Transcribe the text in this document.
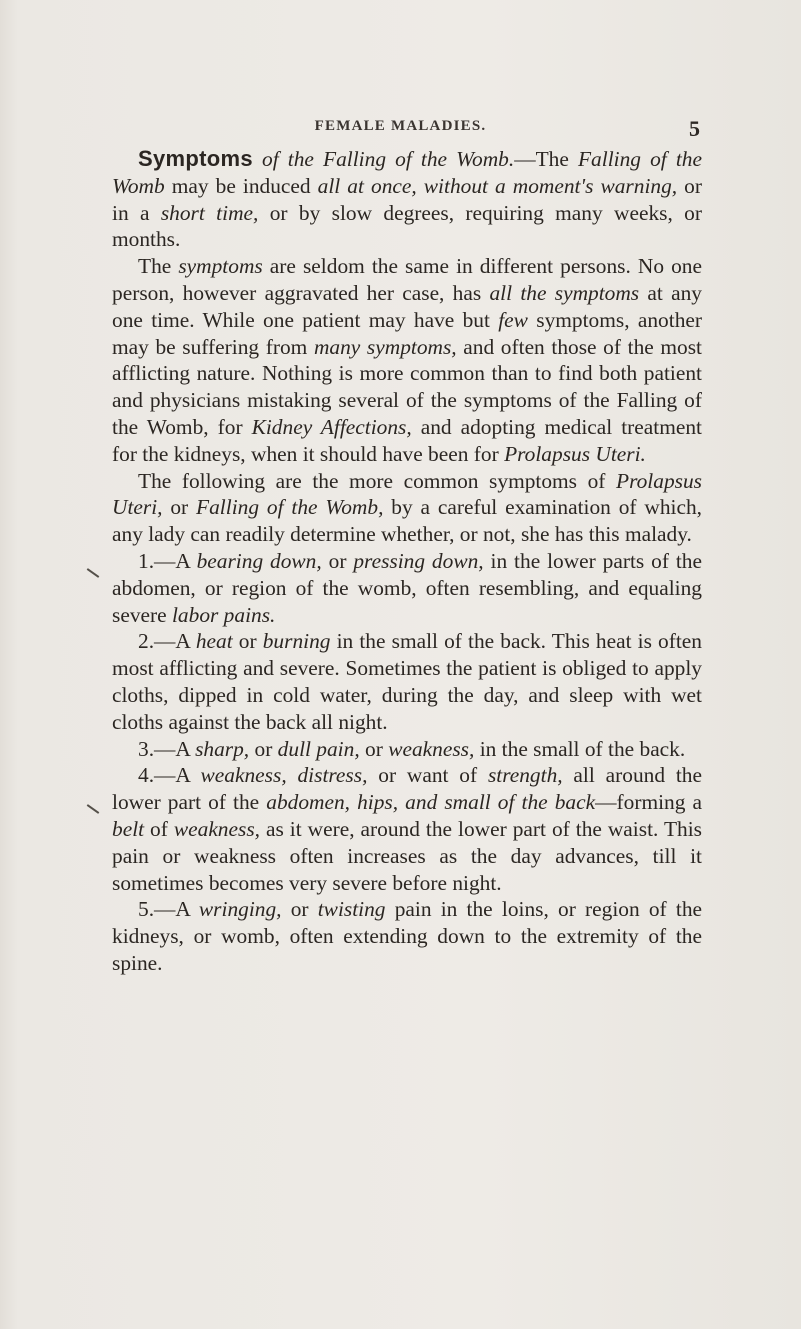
FEMALE MALADIES.	5

Symptoms of the Falling of the Womb.—The Falling of the Womb may be induced all at once, without a moment's warning, or in a short time, or by slow degrees, requiring many weeks, or months.

The symptoms are seldom the same in different persons. No one person, however aggravated her case, has all the symptoms at any one time. While one patient may have but few symptoms, another may be suffering from many symptoms, and often those of the most afflicting nature. Nothing is more common than to find both patient and physicians mistaking several of the symptoms of the Falling of the Womb, for Kidney Affections, and adopting medical treatment for the kidneys, when it should have been for Prolapsus Uteri.

The following are the more common symptoms of Prolapsus Uteri, or Falling of the Womb, by a careful examination of which, any lady can readily determine whether, or not, she has this malady.

1.—A bearing down, or pressing down, in the lower parts of the abdomen, or region of the womb, often resembling, and equaling severe labor pains.

2.—A heat or burning in the small of the back. This heat is often most afflicting and severe. Sometimes the patient is obliged to apply cloths, dipped in cold water, during the day, and sleep with wet cloths against the back all night.

3.—A sharp, or dull pain, or weakness, in the small of the back.

4.—A weakness, distress, or want of strength, all around the lower part of the abdomen, hips, and small of the back—forming a belt of weakness, as it were, around the lower part of the waist. This pain or weakness often increases as the day advances, till it sometimes becomes very severe before night.

5.—A wringing, or twisting pain in the loins, or region of the kidneys, or womb, often extending down to the extremity of the spine.
